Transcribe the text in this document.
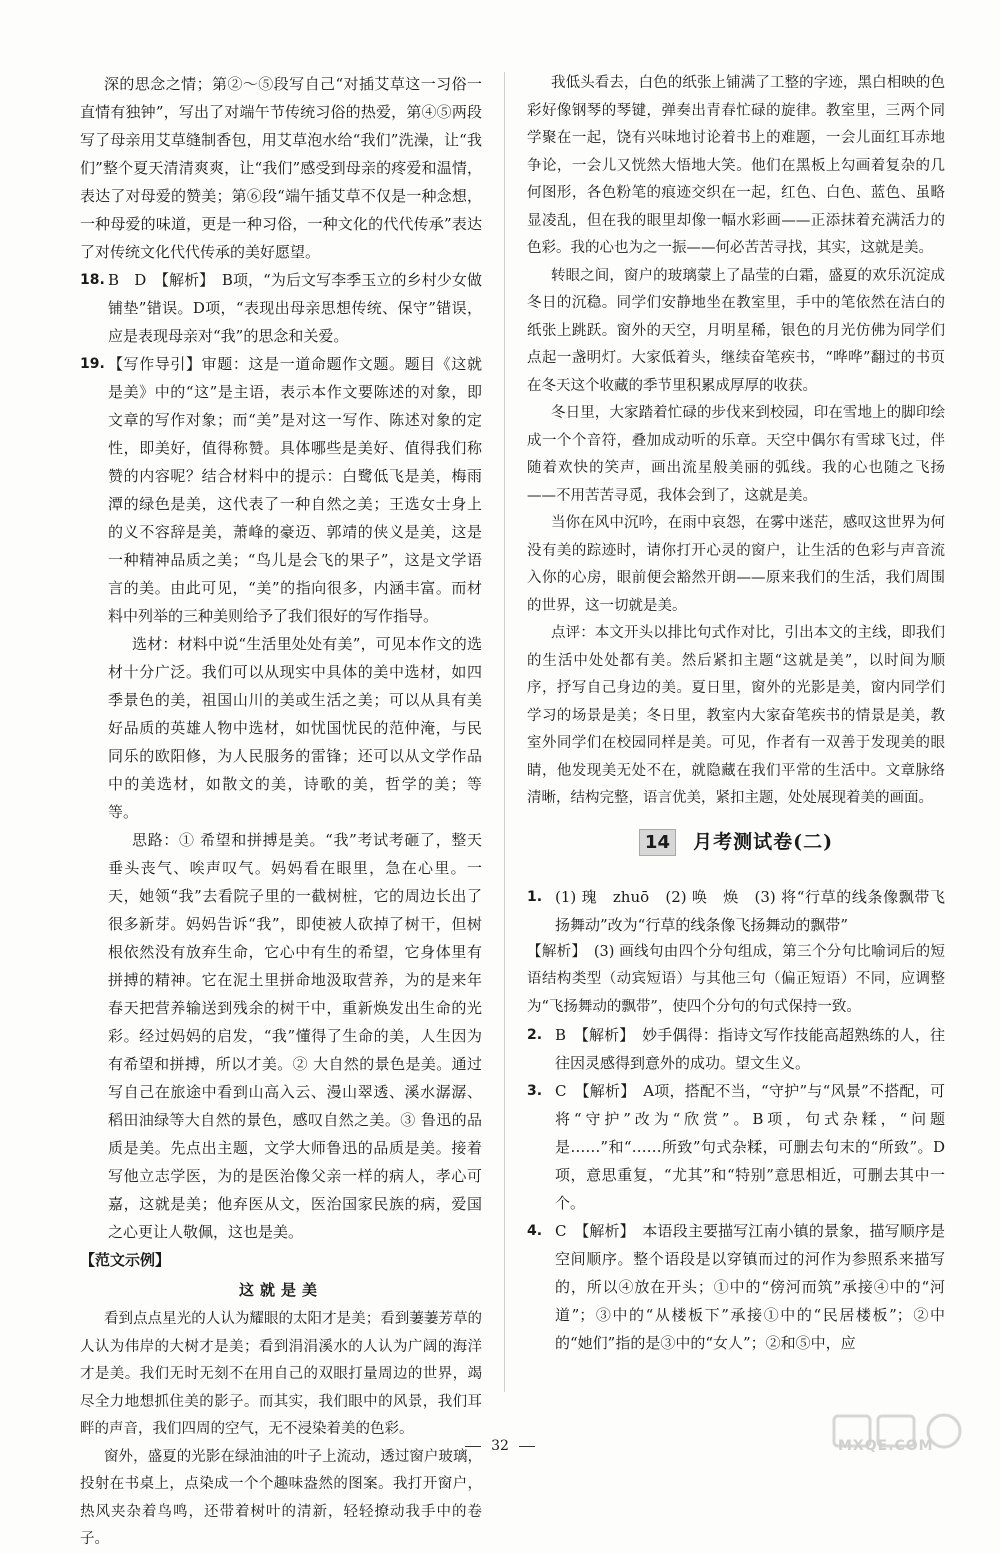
深的思念之情；第②～⑤段写自己“对插艾草这一习俗一直情有独钟”，写出了对端午节传统习俗的热爱，第④⑤两段写了母亲用艾草缝制香包，用艾草泡水给“我们”洗澡，让“我们”整个夏天清清爽爽，让“我们”感受到母亲的疼爱和温情，表达了对母爱的赞美；第⑥段“端午插艾草不仅是一种念想，一种母爱的味道，更是一种习俗，一种文化的代代传承”表达了对传统文化代代传承的美好愿望。

18. B　D　【解析】　B项，“为后文写李季玉立的乡村少女做铺垫”错误。D项，“表现出母亲思想传统、保守”错误，应是表现母亲对“我”的思念和关爱。

19. 【写作导引】审题：这是一道命题作文题。题目《这就是美》中的“这”是主语，表示本作文要陈述的对象，即文章的写作对象；而“美”是对这一写作、陈述对象的定性，即美好，值得称赞。具体哪些是美好、值得我们称赞的内容呢？结合材料中的提示：白鹭低飞是美，梅雨潭的绿色是美，这代表了一种自然之美；王选女士身上的义不容辞是美，萧峰的豪迈、郭靖的侠义是美，这是一种精神品质之美；“鸟儿是会飞的果子”，这是文学语言的美。由此可见，“美”的指向很多，内涵丰富。而材料中列举的三种美则给予了我们很好的写作指导。

选材：材料中说“生活里处处有美”，可见本作文的选材十分广泛。我们可以从现实中具体的美中选材，如四季景色的美，祖国山川的美或生活之美；可以从具有美好品质的英雄人物中选材，如忧国忧民的范仲淹，与民同乐的欧阳修，为人民服务的雷锋；还可以从文学作品中的美选材，如散文的美，诗歌的美，哲学的美；等等。

思路：① 希望和拼搏是美。“我”考试考砸了，整天垂头丧气、唉声叹气。妈妈看在眼里，急在心里。一天，她领“我”去看院子里的一截树桩，它的周边长出了很多新芽。妈妈告诉“我”，即使被人砍掉了树干，但树根依然没有放弃生命，它心中有生的希望，它身体里有拼搏的精神。它在泥土里拼命地汲取营养，为的是来年春天把营养输送到残余的树干中，重新焕发出生命的光彩。经过妈妈的启发，“我”懂得了生命的美，人生因为有希望和拼搏，所以才美。② 大自然的景色是美。通过写自己在旅途中看到山高入云、漫山翠透、溪水潺潺、稻田油绿等大自然的景色，感叹自然之美。③ 鲁迅的品质是美。先点出主题，文学大师鲁迅的品质是美。接着写他立志学医，为的是医治像父亲一样的病人，孝心可嘉，这就是美；他弃医从文，医治国家民族的病，爱国之心更让人敬佩，这也是美。

【范文示例】

这就是美

看到点点星光的人认为耀眼的太阳才是美；看到萋萋芳草的人认为伟岸的大树才是美；看到涓涓溪水的人认为广阔的海洋才是美。我们无时无刻不在用自己的双眼打量周边的世界，竭尽全力地想抓住美的影子。而其实，我们眼中的风景，我们耳畔的声音，我们四周的空气，无不浸染着美的色彩。

窗外，盛夏的光影在绿油油的叶子上流动，透过窗户玻璃，投射在书桌上，点染成一个个趣味盎然的图案。我打开窗户，热风夹杂着鸟鸣，还带着树叶的清新，轻轻撩动我手中的卷子。

我低头看去，白色的纸张上铺满了工整的字迹，黑白相映的色彩好像钢琴的琴键，弹奏出青春忙碌的旋律。教室里，三两个同学聚在一起，饶有兴味地讨论着书上的难题，一会儿面红耳赤地争论，一会儿又恍然大悟地大笑。他们在黑板上勾画着复杂的几何图形，各色粉笔的痕迹交织在一起，红色、白色、蓝色、虽略显凌乱，但在我的眼里却像一幅水彩画——正添抹着充满活力的色彩。我的心也为之一振——何必苦苦寻找，其实，这就是美。

转眼之间，窗户的玻璃蒙上了晶莹的白霜，盛夏的欢乐沉淀成冬日的沉稳。同学们安静地坐在教室里，手中的笔依然在洁白的纸张上跳跃。窗外的天空，月明星稀，银色的月光仿佛为同学们点起一盏明灯。大家低着头，继续奋笔疾书，“哗哗”翻过的书页在冬天这个收藏的季节里积累成厚厚的收获。

冬日里，大家踏着忙碌的步伐来到校园，印在雪地上的脚印绘成一个个音符，叠加成动听的乐章。天空中偶尔有雪球飞过，伴随着欢快的笑声，画出流星般美丽的弧线。我的心也随之飞扬——不用苦苦寻觅，我体会到了，这就是美。

当你在风中沉吟，在雨中哀怨，在雾中迷茫，感叹这世界为何没有美的踪迹时，请你打开心灵的窗户，让生活的色彩与声音流入你的心房，眼前便会豁然开朗——原来我们的生活，我们周围的世界，这一切就是美。

点评：本文开头以排比句式作对比，引出本文的主线，即我们的生活中处处都有美。然后紧扣主题“这就是美”，以时间为顺序，抒写自己身边的美。夏日里，窗外的光影是美，窗内同学们学习的场景是美；冬日里，教室内大家奋笔疾书的情景是美，教室外同学们在校园同样是美。可见，作者有一双善于发现美的眼睛，他发现美无处不在，就隐藏在我们平常的生活中。文章脉络清晰，结构完整，语言优美，紧扣主题，处处展现着美的画面。

14 月考测试卷(二)

1. (1) 瑰　zhuō　(2) 唤　焕　(3) 将“行草的线条像飘带飞扬舞动”改为“行草的线条像飞扬舞动的飘带”

【解析】　(3) 画线句由四个分句组成，第三个分句比喻词后的短语结构类型（动宾短语）与其他三句（偏正短语）不同，应调整为“飞扬舞动的飘带”，使四个分句的句式保持一致。

2. B　【解析】　妙手偶得：指诗文写作技能高超熟练的人，往往因灵感得到意外的成功。望文生义。

3. C　【解析】　A项，搭配不当，“守护”与“风景”不搭配，可将“守护”改为“欣赏”。B项，句式杂糅，“问题是……”和“……所致”句式杂糅，可删去句末的“所致”。D项，意思重复，“尤其”和“特别”意思相近，可删去其中一个。

4. C　【解析】　本语段主要描写江南小镇的景象，描写顺序是空间顺序。整个语段是以穿镇而过的河作为参照系来描写的，所以④放在开头；①中的“傍河而筑”承接④中的“河道”；③中的“从楼板下”承接①中的“民居楼板”；②中的“她们”指的是③中的“女人”；②和⑤中，应

32	MXQE.COM
